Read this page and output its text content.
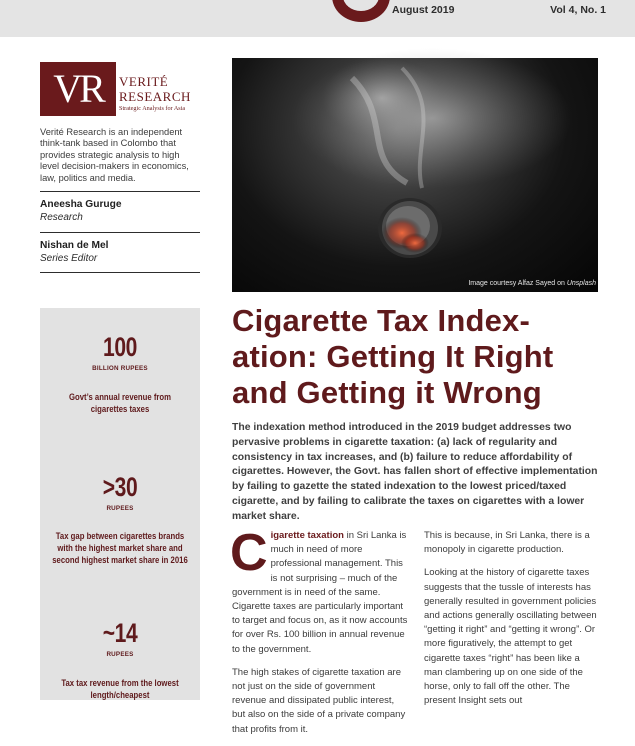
August 2019	Vol 4, No. 1
VR	VERITÉ
RESEARCH
Strategic Analysis for Asia

Verité Research is an independent think-tank based in Colombo that provides strategic analysis to high level decision-makers in economics, law, politics and media.

Aneesha Guruge
Research
Nishan de Mel
Series Editor
100
BILLION RUPEES
Govt’s annual revenue from cigarettes taxes
>30
RUPEES
Tax gap between cigarettes brands with the highest market share and second highest market share in 2016
~14
RUPEES
Tax tax revenue from the lowest length/cheapest
Image courtesy Alfaz Sayed on Unsplash
Cigarette Tax Index-ation: Getting It Right and Getting it Wrong

The indexation method introduced in the 2019 budget addresses two pervasive problems in cigarette taxation: (a) lack of regularity and consistency in tax increases, and (b) failure to reduce affordability of cigarettes. However, the Govt. has fallen short of effective implementation by failing to gazette the stated indexation to the lowest priced/taxed cigarette, and by failing to calibrate the taxes on cigarettes with a lower market share.

Cigarette taxation in Sri Lanka is much in need of more professional management. This is not surprising – much of the government is in need of the same. Cigarette taxes are particularly important to target and focus on, as it now accounts for over Rs. 100 billion in annual revenue to the government.

The high stakes of cigarette taxation are not just on the side of government revenue and dissipated public interest, but also on the side of a private company that profits from it.

This is because, in Sri Lanka, there is a monopoly in cigarette production.

Looking at the history of cigarette taxes suggests that the tussle of interests has generally resulted in government policies and actions generally oscillating between “getting it right” and “getting it wrong”. Or more figuratively, the attempt to get cigarette taxes “right” has been like a man clambering up on one side of the horse, only to fall off the other. The present Insight sets out
